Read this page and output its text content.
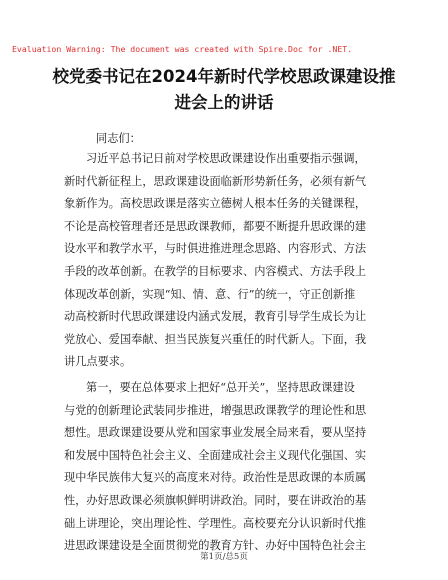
Evaluation Warning: The document was created with Spire.Doc for .NET.
校党委书记在2024年新时代学校思政课建设推
进会上的讲话
同志们：
习近平总书记日前对学校思政课建设作出重要指示强调，
新时代新征程上，思政课建设面临新形势新任务，必须有新气
象新作为。高校思政课是落实立德树人根本任务的关键课程，
不论是高校管理者还是思政课教师，都要不断提升思政课的建
设水平和教学水平，与时俱进推进理念思路、内容形式、方法
手段的改革创新。在教学的目标要求、内容模式、方法手段上
体现改革创新，实现“知、情、意、行”的统一，守正创新推
动高校新时代思政课建设内涵式发展，教育引导学生成长为让
党放心、爱国奉献、担当民族复兴重任的时代新人。下面，我
讲几点要求。
第一，要在总体要求上把好“总开关”，坚持思政课建设
与党的创新理论武装同步推进，增强思政课教学的理论性和思
想性。思政课建设要从党和国家事业发展全局来看，要从坚持
和发展中国特色社会主义、全面建成社会主义现代化强国、实
现中华民族伟大复兴的高度来对待。政治性是思政课的本质属
性，办好思政课必须旗帜鲜明讲政治。同时，要在讲政治的基
础上讲理论，突出理论性、学理性。高校要充分认识新时代推
进思政课建设是全面贯彻党的教育方针、办好中国特色社会主
第1页/总5页
